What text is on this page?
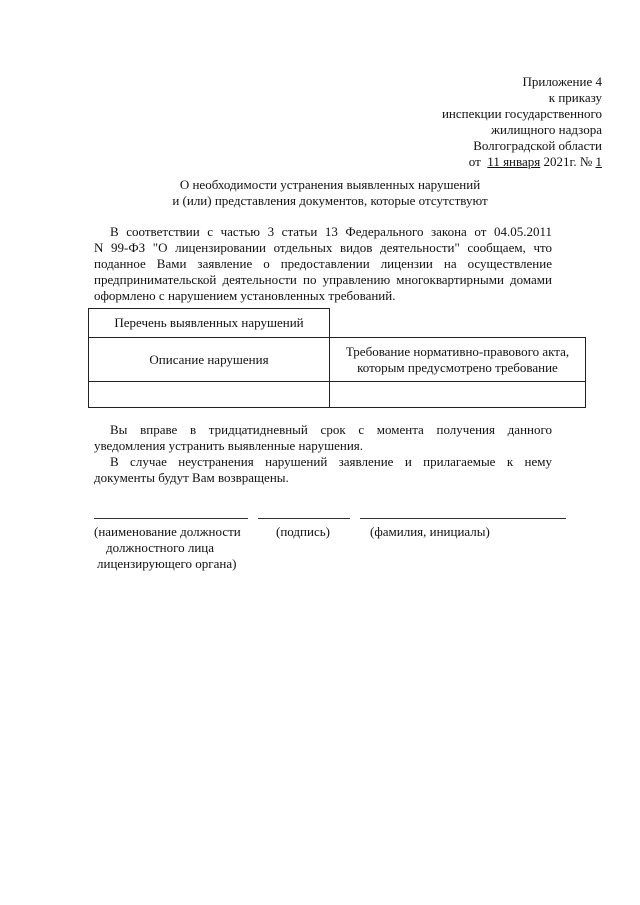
Приложение 4
к приказу
инспекции государственного
жилищного надзора
Волгоградской области
от 11 января 2021г. № 1
О необходимости устранения выявленных нарушений
и (или) представления документов, которые отсутствуют
В соответствии с частью 3 статьи 13 Федерального закона от 04.05.2011
N 99-ФЗ "О лицензировании отдельных видов деятельности" сообщаем, что
поданное Вами заявление о предоставлении лицензии на осуществление
предпринимательской деятельности по управлению многоквартирными домами
оформлено с нарушением установленных требований.
Перечень выявленных нарушений	
Описание нарушения	Требование нормативно-правового акта,
которым предусмотрено требование

Вы вправе в тридцатидневный срок с момента получения данного
уведомления устранить выявленные нарушения.
В случае неустранения нарушений заявление и прилагаемые к нему
документы будут Вам возвращены.
(наименование должности
должностного лица
лицензирующего органа)
(подпись)	(фамилия, инициалы)
